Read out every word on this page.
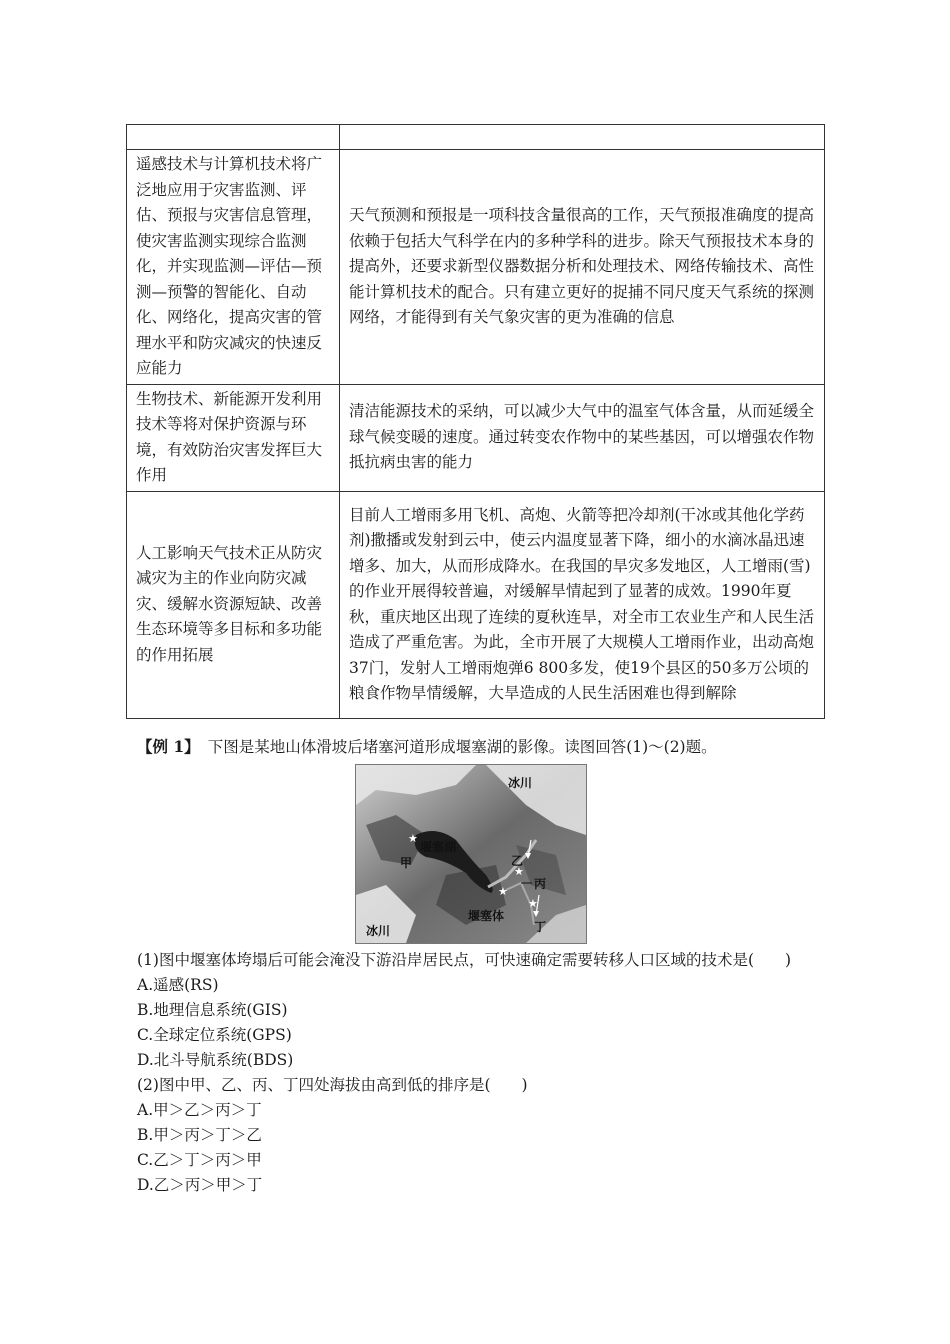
遥感技术与计算机技术将广泛地应用于灾害监测、评估、预报与灾害信息管理，使灾害监测实现综合监测化，并实现监测—评估—预测—预警的智能化、自动化、网络化，提高灾害的管理水平和防灾减灾的快速反应能力	天气预测和预报是一项科技含量很高的工作，天气预报准确度的提高依赖于包括大气科学在内的多种学科的进步。除天气预报技术本身的提高外，还要求新型仪器数据分析和处理技术、网络传输技术、高性能计算机技术的配合。只有建立更好的捉捕不同尺度天气系统的探测网络，才能得到有关气象灾害的更为准确的信息
生物技术、新能源开发利用技术等将对保护资源与环境，有效防治灾害发挥巨大作用	清洁能源技术的采纳，可以减少大气中的温室气体含量，从而延缓全球气候变暖的速度。通过转变农作物中的某些基因，可以增强农作物抵抗病虫害的能力
人工影响天气技术正从防灾减灾为主的作业向防灾减灾、缓解水资源短缺、改善生态环境等多目标和多功能的作用拓展	目前人工增雨多用飞机、高炮、火箭等把冷却剂(干冰或其他化学药剂)撒播或发射到云中，使云内温度显著下降，细小的水滴冰晶迅速增多、加大，从而形成降水。在我国的旱灾多发地区，人工增雨(雪)的作业开展得较普遍，对缓解旱情起到了显著的成效。1990年夏秋，重庆地区出现了连续的夏秋连旱，对全市工农业生产和人民生活造成了严重危害。为此，全市开展了大规模人工增雨作业，出动高炮37门，发射人工增雨炮弹6 800多发，使19个县区的50多万公顷的粮食作物旱情缓解，大旱造成的人民生活困难也得到解除
【例 1】 下图是某地山体滑坡后堵塞河道形成堰塞湖的影像。读图回答(1)～(2)题。
★
★
★
★
冰川
冰川
堰塞湖
堰塞体
甲	乙
丙
丁

(1)图中堰塞体垮塌后可能会淹没下游沿岸居民点，可快速确定需要转移人口区域的技术是(　　)

A.遥感(RS)

B.地理信息系统(GIS)

C.全球定位系统(GPS)

D.北斗导航系统(BDS)

(2)图中甲、乙、丙、丁四处海拔由高到低的排序是(　　)

A.甲＞乙＞丙＞丁

B.甲＞丙＞丁＞乙

C.乙＞丁＞丙＞甲

D.乙＞丙＞甲＞丁
